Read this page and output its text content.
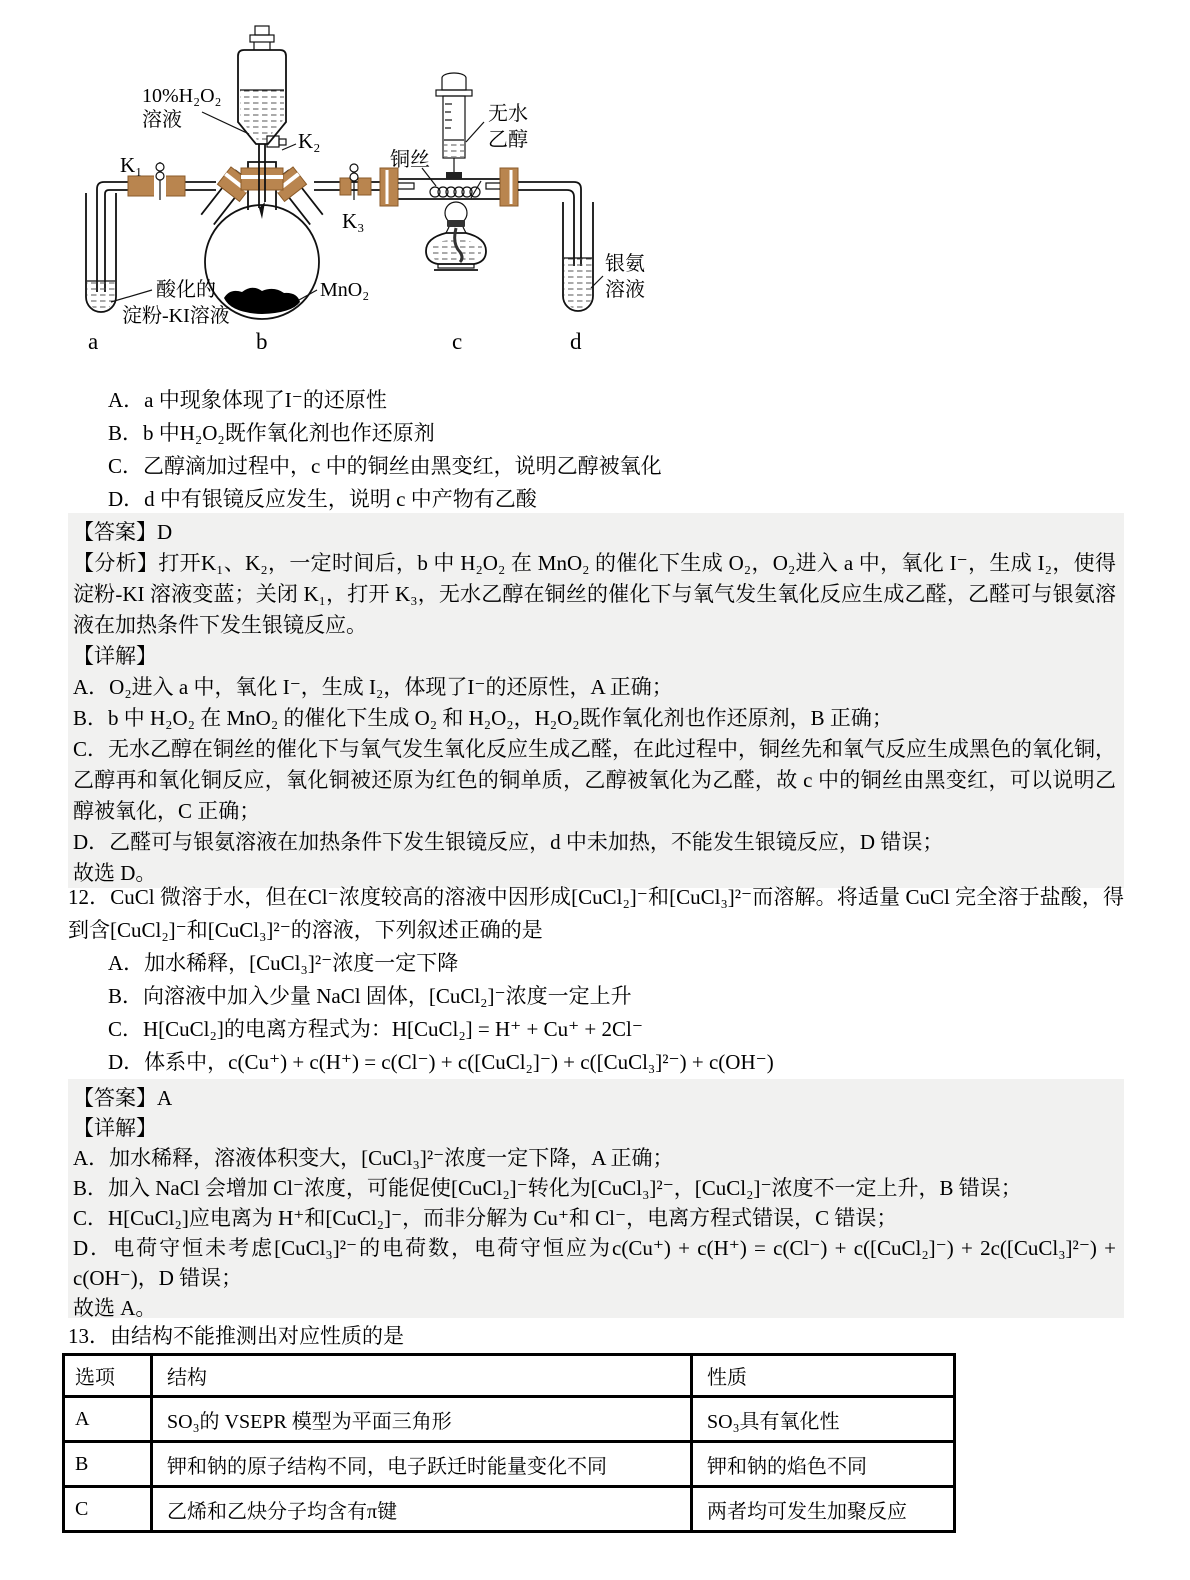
K₁
K₂
10%H₂O₂
溶液
K₃
铜丝
无水
乙醇
银氨
溶液
MnO₂
酸化的
淀粉-KI溶液
a	b	c	d

A．a 中现象体现了I⁻的还原性

B．b 中H₂O₂既作氧化剂也作还原剂

C．乙醇滴加过程中，c 中的铜丝由黑变红，说明乙醇被氧化

D．d 中有银镜反应发生，说明 c 中产物有乙酸

【答案】D

【分析】打开K₁、K₂，一定时间后，b 中 H₂O₂ 在 MnO₂ 的催化下生成 O₂，O₂进入 a 中，氧化 I⁻，生成 I₂，使得淀粉-KI 溶液变蓝；关闭 K₁，打开 K₃，无水乙醇在铜丝的催化下与氧气发生氧化反应生成乙醛，乙醛可与银氨溶液在加热条件下发生银镜反应。

【详解】

A．O₂进入 a 中，氧化 I⁻，生成 I₂，体现了I⁻的还原性，A 正确；

B．b 中 H₂O₂ 在 MnO₂ 的催化下生成 O₂ 和 H₂O₂，H₂O₂既作氧化剂也作还原剂，B 正确；

C．无水乙醇在铜丝的催化下与氧气发生氧化反应生成乙醛，在此过程中，铜丝先和氧气反应生成黑色的氧化铜，乙醇再和氧化铜反应，氧化铜被还原为红色的铜单质，乙醇被氧化为乙醛，故 c 中的铜丝由黑变红，可以说明乙醇被氧化，C 正确；

D．乙醛可与银氨溶液在加热条件下发生银镜反应，d 中未加热，不能发生银镜反应，D 错误；

故选 D。

12．CuCl 微溶于水，但在Cl⁻浓度较高的溶液中因形成[CuCl₂]⁻和[CuCl₃]²⁻而溶解。将适量 CuCl 完全溶于盐酸，得到含[CuCl₂]⁻和[CuCl₃]²⁻的溶液，下列叙述正确的是

A．加水稀释，[CuCl₃]²⁻浓度一定下降

B．向溶液中加入少量 NaCl 固体，[CuCl₂]⁻浓度一定上升

C．H[CuCl₂]的电离方程式为：H[CuCl₂] = H⁺ + Cu⁺ + 2Cl⁻

D．体系中，c(Cu⁺) + c(H⁺) = c(Cl⁻) + c([CuCl₂]⁻) + c([CuCl₃]²⁻) + c(OH⁻)

【答案】A

【详解】

A．加水稀释，溶液体积变大，[CuCl₃]²⁻浓度一定下降，A 正确；

B．加入 NaCl 会增加 Cl⁻浓度，可能促使[CuCl₂]⁻转化为[CuCl₃]²⁻，[CuCl₂]⁻浓度不一定上升，B 错误；

C．H[CuCl₂]应电离为 H⁺和[CuCl₂]⁻，而非分解为 Cu⁺和 Cl⁻，电离方程式错误，C 错误；

D．电荷守恒未考虑[CuCl₃]²⁻的电荷数，电荷守恒应为c(Cu⁺) + c(H⁺) = c(Cl⁻) + c([CuCl₂]⁻) + 2c([CuCl₃]²⁻) + c(OH⁻)，D 错误；

故选 A。

13．由结构不能推测出对应性质的是

选项	结构	性质
A	SO₃的 VSEPR 模型为平面三角形	SO₃具有氧化性
B	钾和钠的原子结构不同，电子跃迁时能量变化不同	钾和钠的焰色不同
C	乙烯和乙炔分子均含有π键	两者均可发生加聚反应
